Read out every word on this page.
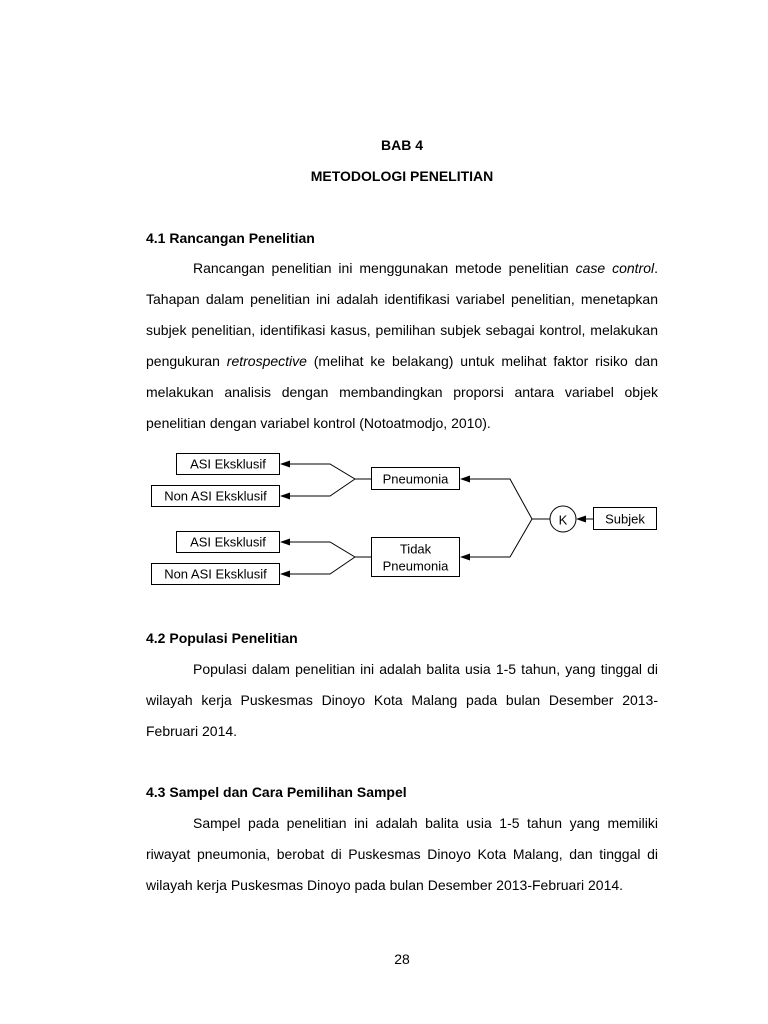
BAB 4
METODOLOGI PENELITIAN
4.1 Rancangan Penelitian
Rancangan penelitian ini menggunakan metode penelitian case control.
Tahapan dalam penelitian ini adalah identifikasi variabel penelitian, menetapkan
subjek penelitian, identifikasi kasus, pemilihan subjek sebagai kontrol, melakukan
pengukuran retrospective (melihat ke belakang) untuk melihat faktor risiko dan
melakukan analisis dengan membandingkan proporsi antara variabel objek
penelitian dengan variabel kontrol (Notoatmodjo, 2010).
ASI Eksklusif
Non ASI Eksklusif
Pneumonia
ASI Eksklusif
Non ASI Eksklusif
Tidak
Pneumonia
K	Subjek
4.2 Populasi Penelitian
Populasi dalam penelitian ini adalah balita usia 1-5 tahun, yang tinggal di
wilayah kerja Puskesmas Dinoyo Kota Malang pada bulan Desember 2013-
Februari 2014.
4.3 Sampel dan Cara Pemilihan Sampel
Sampel pada penelitian ini adalah balita usia 1-5 tahun yang memiliki
riwayat pneumonia, berobat di Puskesmas Dinoyo Kota Malang, dan tinggal di
wilayah kerja Puskesmas Dinoyo pada bulan Desember 2013-Februari 2014.
28
